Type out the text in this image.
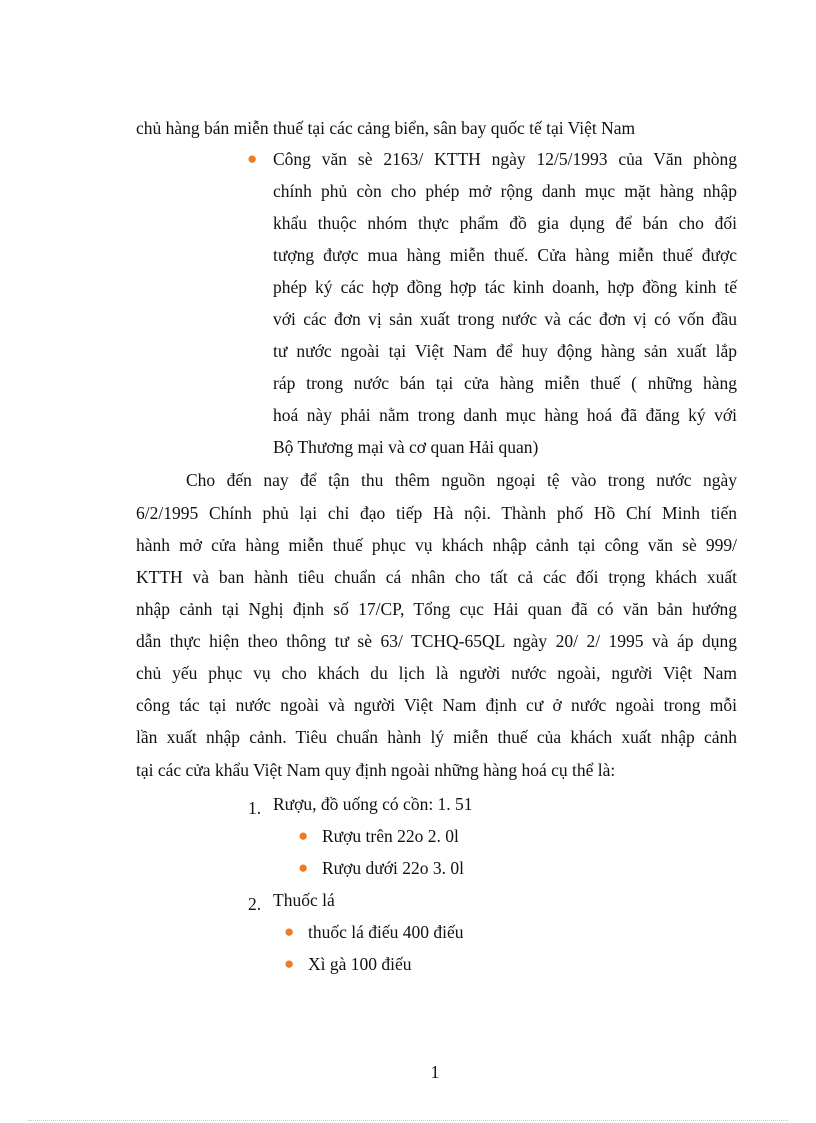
chủ hàng bán miễn thuế tại các cảng biển, sân bay quốc tế tại Việt Nam
● Công văn sè 2163/ KTTH ngày 12/5/1993 của Văn phòng
chính phủ còn cho phép mở rộng danh mục mặt hàng nhập
khẩu thuộc nhóm thực phẩm đồ gia dụng để bán cho đối
tượng được mua hàng miễn thuế. Cửa hàng miễn thuế được
phép ký các hợp đồng hợp tác kinh doanh, hợp đồng kinh tế
với các đơn vị sản xuất trong nước và các đơn vị có vốn đầu
tư nước ngoài tại Việt Nam để huy động hàng sản xuất lắp
ráp trong nước bán tại cửa hàng miễn thuế ( những hàng
hoá này phải nằm trong danh mục hàng hoá đã đăng ký với
Bộ Thương mại và cơ quan Hải quan)
Cho đến nay để tận thu thêm nguồn ngoại tệ vào trong nước ngày
6/2/1995 Chính phủ lại chỉ đạo tiếp Hà nội. Thành phố Hồ Chí Minh tiến
hành mở cửa hàng miễn thuế phục vụ khách nhập cảnh tại công văn sè 999/
KTTH và ban hành tiêu chuẩn cá nhân cho tất cả các đối trọng khách xuất
nhập cảnh tại Nghị định số 17/CP, Tổng cục Hải quan đã có văn bản hướng
dẫn thực hiện theo thông tư sè 63/ TCHQ-65QL ngày 20/ 2/ 1995 và áp dụng
chủ yếu phục vụ cho khách du lịch là người nước ngoài, người Việt Nam
công tác tại nước ngoài và người Việt Nam định cư ở nước ngoài trong mỗi
lần xuất nhập cảnh. Tiêu chuẩn hành lý miễn thuế của khách xuất nhập cảnh
tại các cửa khẩu Việt Nam quy định ngoài những hàng hoá cụ thể là:
1. Rượu, đồ uống có cồn: 1. 51
● Rượu trên 22o 2. 0l
● Rượu dưới 22o 3. 0l
2. Thuốc lá
● thuốc lá điếu 400 điếu
● Xì gà 100 điếu
1
